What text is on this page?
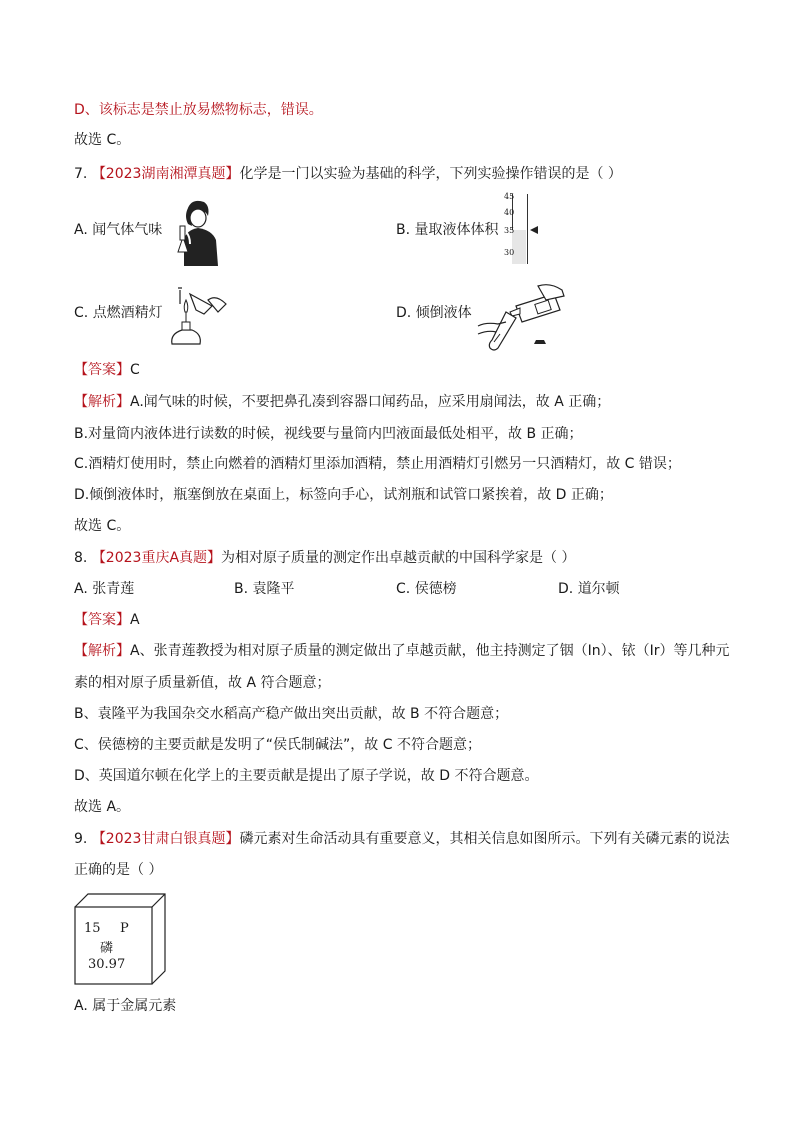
D、该标志是禁止放易燃物标志，错误。
故选 C。
7. 【2023湖南湘潭真题】化学是一门以实验为基础的科学，下列实验操作错误的是（ ）
A. 闻气体气味	B. 量取液体体积
45
40
35
30
C. 点燃酒精灯	D. 倾倒液体
【答案】C
【解析】A.闻气味的时候，不要把鼻孔凑到容器口闻药品，应采用扇闻法，故 A 正确；
B.对量筒内液体进行读数的时候，视线要与量筒内凹液面最低处相平，故 B 正确；
C.酒精灯使用时，禁止向燃着的酒精灯里添加酒精，禁止用酒精灯引燃另一只酒精灯，故 C 错误；
D.倾倒液体时，瓶塞倒放在桌面上，标签向手心，试剂瓶和试管口紧挨着，故 D 正确；
故选 C。
8. 【2023重庆A真题】为相对原子质量的测定作出卓越贡献的中国科学家是（ ）
A. 张青莲	B. 袁隆平	C. 侯德榜	D. 道尔顿
【答案】A
【解析】A、张青莲教授为相对原子质量的测定做出了卓越贡献，他主持测定了铟（In）、铱（Ir）等几种元
素的相对原子质量新值，故 A 符合题意；
B、袁隆平为我国杂交水稻高产稳产做出突出贡献，故 B 不符合题意；
C、侯德榜的主要贡献是发明了“侯氏制碱法”，故 C 不符合题意；
D、英国道尔顿在化学上的主要贡献是提出了原子学说，故 D 不符合题意。
故选 A。
9. 【2023甘肃白银真题】磷元素对生命活动具有重要意义，其相关信息如图所示。下列有关磷元素的说法
正确的是（ ）
15 P
磷
30.97
A. 属于金属元素
